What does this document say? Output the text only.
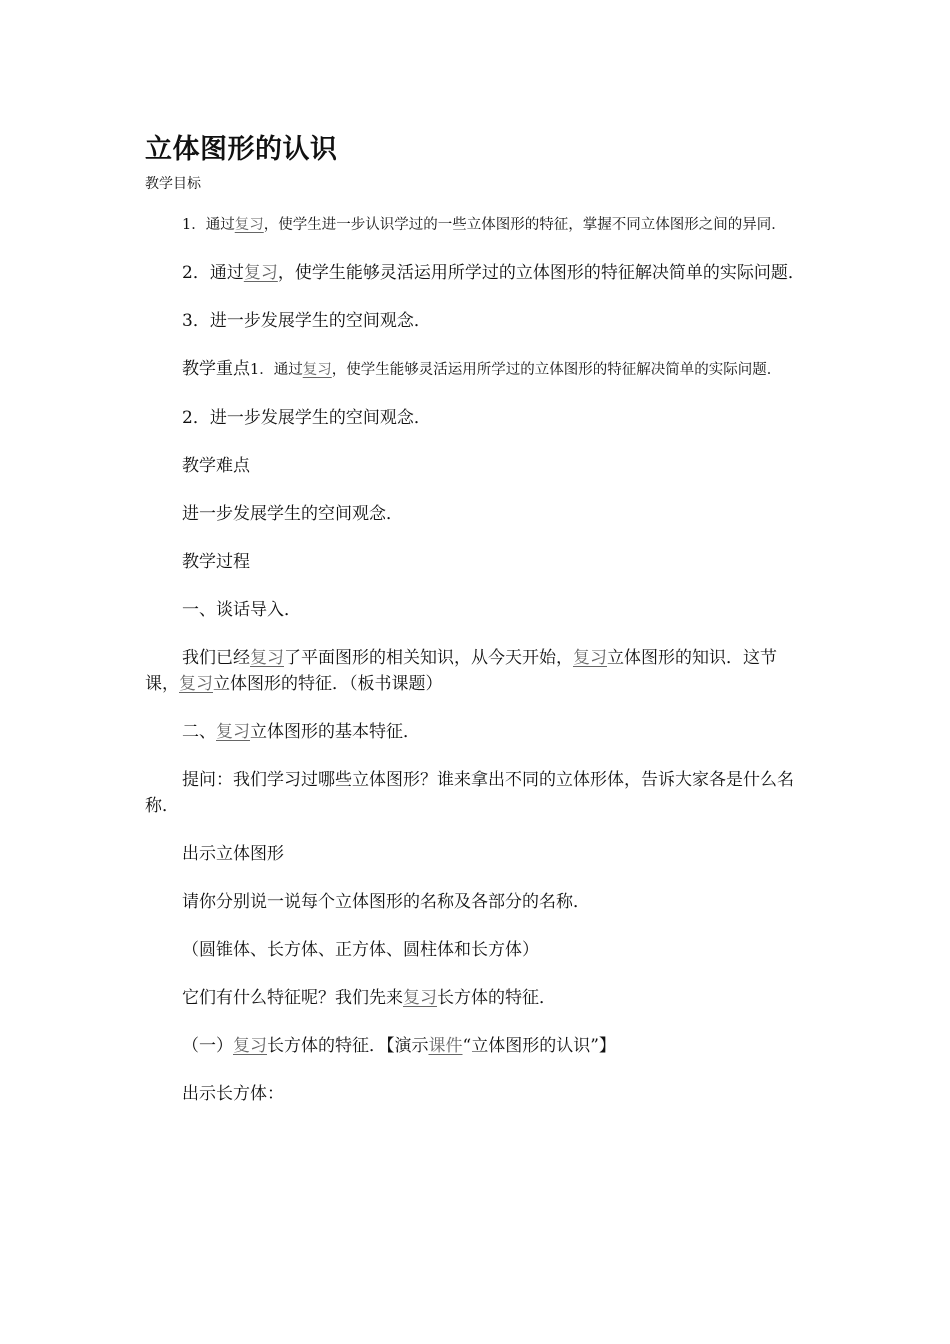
立体图形的认识
教学目标

1．通过复习，使学生进一步认识学过的一些立体图形的特征，掌握不同立体图形之间的异同．

2．通过复习，使学生能够灵活运用所学过的立体图形的特征解决简单的实际问题．

3．进一步发展学生的空间观念．

教学重点1．通过复习，使学生能够灵活运用所学过的立体图形的特征解决简单的实际问题．

2．进一步发展学生的空间观念．

教学难点

进一步发展学生的空间观念．

教学过程

一、谈话导入．

我们已经复习了平面图形的相关知识，从今天开始，复习立体图形的知识．这节课，复习立体图形的特征．（板书课题）

二、复习立体图形的基本特征．

提问：我们学习过哪些立体图形？谁来拿出不同的立体形体，告诉大家各是什么名称．

出示立体图形

请你分别说一说每个立体图形的名称及各部分的名称．

（圆锥体、长方体、正方体、圆柱体和长方体）

它们有什么特征呢？我们先来复习长方体的特征．

（一）复习长方体的特征．【演示课件“立体图形的认识”】

出示长方体：
